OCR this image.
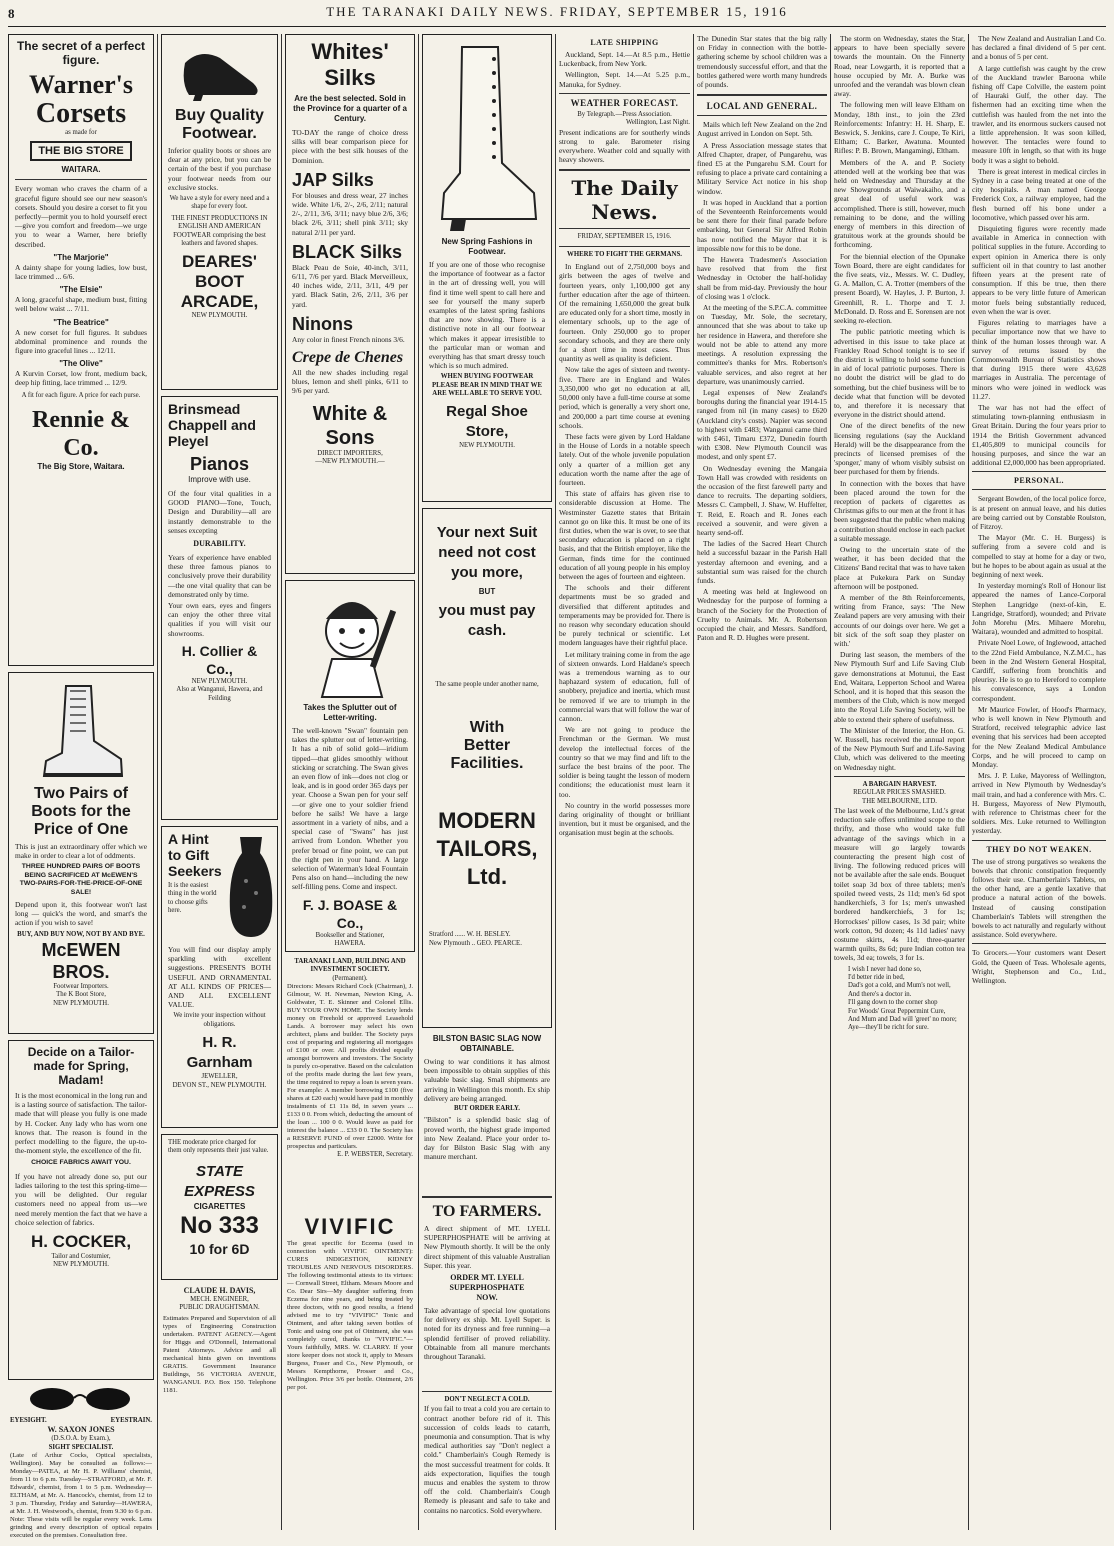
8	THE TARANAKI DAILY NEWS. FRIDAY, SEPTEMBER 15, 1916
The secret of a perfect figure.
Warner's
Corsets
as made for
THE BIG STORE
WAITARA.
Every woman who craves the charm of a graceful figure should see our new season's corsets. Should you desire a corset to fit you perfectly—permit you to hold yourself erect—give you comfort and freedom—we urge you to wear a Warner, here briefly described.
"The Marjorie"
A dainty shape for young ladies, low bust, lace trimmed ... 6/6.
"The Elsie"
A long, graceful shape, medium bust, fitting well below waist ... 7/11.
"The Beatrice"
A new corset for full figures. It subdues abdominal prominence and rounds the figure into graceful lines ... 12/11.
"The Olive"
A Kurvin Corset, low front, medium back, deep hip fitting, lace trimmed ... 12/9.
A fit for each figure. A price for each purse.
Rennie & Co.
The Big Store, Waitara.
Two Pairs of Boots for the Price of One
This is just an extraordinary offer which we make in order to clear a lot of oddments.
THREE HUNDRED PAIRS OF BOOTS BEING SACRIFICED AT McEWEN'S TWO-PAIRS-FOR-THE-PRICE-OF-ONE SALE!
Depend upon it, this footwear won't last long — quick's the word, and smart's the action if you wish to save!
BUY, AND BUY NOW, NOT BY AND BYE.
McEWEN BROS.
Footwear Importers.
The K Boot Store,
NEW PLYMOUTH.
Decide on a Tailor-made for Spring, Madam!
It is the most economical in the long run and is a lasting source of satisfaction. The tailor-made that will please you fully is one made by H. Cocker. Any lady who has worn one knows that. The reason is found in the perfect modelling to the figure, the up-to-the-moment style, the excellence of the fit.
CHOICE FABRICS AWAIT YOU.
If you have not already done so, put our ladies tailoring to the test this spring-time—you will be delighted. Our regular customers need no appeal from us—we need merely mention the fact that we have a choice selection of fabrics.
H. COCKER,
Tailor and Costumier,
NEW PLYMOUTH.
EYESIGHT.	EYESTRAIN.
W. SAXON JONES
(D.S.O.A. by Exam.),
SIGHT SPECIALIST.
(Late of Arthur Cocks, Optical specialists, Wellington). May be consulted as follows:— Monday—PATEA, at Mr H. P. Williams' chemist, from 11 to 6 p.m. Tuesday—STRATFORD, at Mr. F. Edwards', chemist, from 1 to 5 p.m. Wednesday—ELTHAM, at Mr. A. Hancock's, chemist, from 12 to 3 p.m. Thursday, Friday and Saturday—HAWERA, at Mr. J. H. Westwood's, chemist, from 9.30 to 6 p.m. Note: These visits will be regular every week. Lens grinding and every description of optical repairs executed on the premises. Consultation free.
Buy Quality
Footwear.
Inferior quality boots or shoes are dear at any price, but you can be certain of the best if you purchase your footwear needs from our exclusive stocks.
We have a style for every need and a shape for every foot.
THE FINEST PRODUCTIONS IN ENGLISH AND AMERICAN FOOTWEAR comprising the best leathers and favored shapes.
DEARES'
BOOT
ARCADE,
NEW PLYMOUTH.
Brinsmead
Chappell and
Pleyel
Pianos
Improve with use.
Of the four vital qualities in a GOOD PIANO—Tone, Touch, Design and Durability—all are instantly demonstrable to the senses excepting
DURABILITY.
Years of experience have enabled these three famous pianos to conclusively prove their durability—the one vital quality that can be demonstrated only by time.
Your own ears, eyes and fingers can enjoy the other three vital qualities if you will visit our showrooms.
H. Collier & Co.,
NEW PLYMOUTH.
Also at Wanganui, Hawera, and Feilding
A Hint
to Gift
Seekers
It is the easiest thing in the world to choose gifts here.
You will find our display amply sparkling with excellent suggestions. PRESENTS BOTH USEFUL AND ORNAMENTAL AT ALL KINDS OF PRICES—AND ALL EXCELLENT VALUE.
We invite your inspection without obligations.
H. R. Garnham
JEWELLER,
DEVON ST., NEW PLYMOUTH.
THE moderate price charged for them only represents their just value.
STATE EXPRESS
CIGARETTES
No 333
10 for 6D
CLAUDE H. DAVIS,
MECH. ENGINEER,
PUBLIC DRAUGHTSMAN.
Estimates Prepared and Supervision of all types of Engineering Construction undertaken. PATENT AGENCY.—Agent for Higgs and O'Donnell, International Patent Attorneys. Advice and all mechanical hints given on inventions GRATIS. Government Insurance Buildings, 56 VICTORIA AVENUE, WANGANUI. P.O. Box 150. Telephone 1181.
Whites' Silks
Are the best selected. Sold in the Province for a quarter of a Century.
TO-DAY the range of choice dress silks will bear comparison piece for piece with the best silk houses of the Dominion.
JAP Silks
For blouses and dress wear, 27 inches wide. White 1/6, 2/-, 2/6, 2/11; natural 2/-, 2/11, 3/6, 3/11; navy blue 2/6, 3/6; black 2/6, 3/11; shell pink 3/11; sky natural 2/11 per yard.
BLACK Silks
Black Peau de Soie, 40-inch, 3/11, 6/11, 7/6 per yard. Black Merveilleux, 40 inches wide, 2/11, 3/11, 4/9 per yard. Black Satin, 2/6, 2/11, 3/6 per yard.
Ninons
Any color in finest French ninons 3/6.
Crepe de Chenes
All the new shades including regal blues, lemon and shell pinks, 6/11 to 9/6 per yard.
White & Sons
DIRECT IMPORTERS,
—NEW PLYMOUTH.—
Takes the Splutter out of Letter-writing.
The well-known "Swan" fountain pen takes the splutter out of letter-writing. It has a nib of solid gold—iridium tipped—that glides smoothly without sticking or scratching. The Swan gives an even flow of ink—does not clog or leak, and is in good order 365 days per year. Choose a Swan pen for your self—or give one to your soldier friend before he sails! We have a large assortment in a variety of nibs, and a special case of "Swans" has just arrived from London. Whether you prefer broad or fine point, we can put the right pen in your hand. A large selection of Waterman's Ideal Fountain Pens also on hand—including the new self-filling pens. Come and inspect.
F. J. BOASE & Co.,
Bookseller and Stationer,
HAWERA.
TARANAKI LAND, BUILDING AND INVESTMENT SOCIETY.
(Permanent).
Directors: Messrs Richard Cock (Chairman), J. Gilmour, W. H. Newman, Newton King, A. Goldwater, T. E. Skinner and Colonel Ellis. BUY YOUR OWN HOME. The Society lends money on Freehold or approved Leasehold Lands. A borrower may select his own architect, plans and builder. The Society pays cost of preparing and registering all mortgages of £100 or over. All profits divided equally amongst borrowers and investors. The Society is purely co-operative. Based on the calculation of the profits made during the last few years, the time required to repay a loan is seven years. For example: A member borrowing £100 (five shares at £20 each) would have paid in monthly instalments of £1 11s 8d, in seven years ... £133 0 0. From which, deducting the amount of the loan ... 100 0 0. Would leave as paid for interest the balance ... £33 0 0. The Society has a RESERVE FUND of over £2000. Write for prospectus and particulars.
E. P. WEBSTER, Secretary.
VIVIFIC
The great specific for Eczema (used in connection with VIVIFIC OINTMENT): CURES INDIGESTION, KIDNEY TROUBLES AND NERVOUS DISORDERS. The following testimonial attests to its virtues:— Cornwall Street, Eltham. Messrs Moore and Co. Dear Sirs—My daughter suffering from Eczema for nine years, and being treated by three doctors, with no good results, a friend advised me to try "VIVIFIC" Tonic and Ointment, and after taking seven bottles of Tonic and using one pot of Ointment, she was completely cured, thanks to "VIVIFIC."—Yours faithfully, MRS. W. CLARRY. If your store keeper does not stock it, apply to Messrs Burgess, Fraser and Co., New Plymouth, or Messrs Kempthorne, Prosser and Co., Wellington. Price 3/6 per bottle. Ointment, 2/6 per pot.
New Spring Fashions in Footwear.
If you are one of those who recognise the importance of footwear as a factor in the art of dressing well, you will find it time well spent to call here and see for yourself the many superb examples of the latest spring fashions that are now showing. There is a distinctive note in all our footwear which makes it appear irresistible to the particular man or woman and everything has that smart dressy touch which is so much admired.
WHEN BUYING FOOTWEAR PLEASE BEAR IN MIND THAT WE ARE WELL ABLE TO SERVE YOU.
Regal Shoe Store,
NEW PLYMOUTH.
Your next Suit need not cost you more,
BUT
you must pay cash.
The same people under another name,
With
Better Facilities.
MODERN
TAILORS,
Ltd.
Stratford ...... W. H. BESLEY.
New Plymouth .. GEO. PEARCE.
BILSTON BASIC SLAG NOW OBTAINABLE.
Owing to war conditions it has almost been impossible to obtain supplies of this valuable basic slag. Small shipments are arriving in Wellington this month. Ex ship delivery are being arranged.
BUT ORDER EARLY.
"Bilston" is a splendid basic slag of proved worth, the highest grade imported into New Zealand. Place your order to-day for Bilston Basic Slag with any manure merchant.
TO FARMERS.
A direct shipment of MT. LYELL SUPERPHOSPHATE will be arriving at New Plymouth shortly. It will be the only direct shipment of this valuable Australian Super. this year.
ORDER MT. LYELL
SUPERPHOSPHATE
NOW.
Take advantage of special low quotations for delivery ex ship. Mt. Lyell Super. is noted for its dryness and free running—a splendid fertiliser of proved reliability. Obtainable from all manure merchants throughout Taranaki.
DON'T NEGLECT A COLD.
If you fail to treat a cold you are certain to contract another before rid of it. This succession of colds leads to catarrh, pneumonia and consumption. That is why medical authorities say "Don't neglect a cold." Chamberlain's Cough Remedy is the most successful treatment for colds. It aids expectoration, liquifies the tough mucus and enables the system to throw off the cold. Chamberlain's Cough Remedy is pleasant and safe to take and contains no narcotics. Sold everywhere.
LATE SHIPPING

Auckland, Sept. 14.—At 8.5 p.m., Hettie Luckenback, from New York.

Wellington, Sept. 14.—At 5.25 p.m., Manuka, for Sydney.

WEATHER FORECAST.
By Telegraph.—Press Association.
Wellington, Last Night.
Present indications are for southerly winds strong to gale. Barometer rising everywhere. Weather cold and squally with heavy showers.
The Daily News.
FRIDAY, SEPTEMBER 15, 1916.
WHERE TO FIGHT THE GERMANS.

In England out of 2,750,000 boys and girls between the ages of twelve and fourteen years, only 1,100,000 get any further education after the age of thirteen. Of the remaining 1,650,000 the great bulk are educated only for a short time, mostly in elementary schools, up to the age of fourteen. Only 250,000 go to proper secondary schools, and they are there only for a short time in most cases. Thus quantity as well as quality is deficient.

Now take the ages of sixteen and twenty-five. There are in England and Wales 3,350,000 who get no education at all, 50,000 only have a full-time course at some period, which is generally a very short one, and 200,000 a part time course at evening schools.

These facts were given by Lord Haldane in the House of Lords in a notable speech lately. Out of the whole juvenile population only a quarter of a million get any education worth the name after the age of fourteen.

This state of affairs has given rise to considerable discussion at Home. The Westminster Gazette states that Britain cannot go on like this. It must be one of its first duties, when the war is over, to see that secondary education is placed on a right basis, and that the British employer, like the German, finds time for the continued education of all young people in his employ between the ages of fourteen and eighteen.

The schools and their different departments must be so graded and diversified that different aptitudes and temperaments may be provided for. There is no reason why secondary education should be purely technical or scientific. Let modern languages have their rightful place.

Let military training come in from the age of sixteen onwards. Lord Haldane's speech was a tremendous warning as to our haphazard system of education, full of snobbery, prejudice and inertia, which must be removed if we are to triumph in the commercial wars that will follow the war of cannon.

We are not going to produce the Frenchman or the German. We must develop the intellectual forces of the country so that we may find and lift to the surface the best brains of the poor. The soldier is being taught the lesson of modern conditions; the educationist must learn it too.

No country in the world possesses more daring originality of thought or brilliant invention, but it must be organised, and the organisation must begin at the schools.

The Dunedin Star states that the big rally on Friday in connection with the bottle-gathering scheme by school children was a tremendously successful effort, and that the bottles gathered were worth many hundreds of pounds.

LOCAL AND GENERAL.

Mails which left New Zealand on the 2nd August arrived in London on Sept. 5th.

A Press Association message states that Alfred Chapter, draper, of Pungarehu, was fined £5 at the Pungarehu S.M. Court for refusing to place a private card containing a Military Service Act notice in his shop window.

It was hoped in Auckland that a portion of the Seventeenth Reinforcements would be sent there for their final parade before embarking, but General Sir Alfred Robin has now notified the Mayor that it is impossible now for this to be done.

The Hawera Tradesmen's Association have resolved that from the first Wednesday in October the half-holiday shall be from mid-day. Previously the hour of closing was 1 o'clock.

At the meeting of the S.P.C.A. committee on Tuesday, Mr. Sole, the secretary, announced that she was about to take up her residence in Hawera, and therefore she would not be able to attend any more meetings. A resolution expressing the committee's thanks for Mrs. Robertson's valuable services, and also regret at her departure, was unanimously carried.

Legal expenses of New Zealand's boroughs during the financial year 1914-15 ranged from nil (in many cases) to £620 (Auckland city's costs). Napier was second to highest with £483; Wanganui came third with £461, Timaru £372, Dunedin fourth with £308. New Plymouth Council was modest, and only spent £7.

On Wednesday evening the Mangaia Town Hall was crowded with residents on the occasion of the first farewell party and dance to recruits. The departing soldiers, Messrs C. Campbell, J. Shaw, W. Huffelter, T. Reid, E. Roach and R. Jones each received a souvenir, and were given a hearty send-off.

The ladies of the Sacred Heart Church held a successful bazaar in the Parish Hall yesterday afternoon and evening, and a substantial sum was raised for the church funds.

A meeting was held at Inglewood on Wednesday for the purpose of forming a branch of the Society for the Protection of Cruelty to Animals. Mr. A. Robertson occupied the chair, and Messrs. Sandford, Paton and R. D. Hughes were present.

The storm on Wednesday, states the Star, appears to have been specially severe towards the mountain. On the Finnerty Road, near Lowgarth, it is reported that a house occupied by Mr. A. Burke was unroofed and the verandah was blown clean away.

The following men will leave Eltham on Monday, 18th inst., to join the 23rd Reinforcements: Infantry: H. H. Sharp, E. Beswick, S. Jenkins, care J. Coupe, Te Kiri, Eltham; C. Barker, Awatuna. Mounted Rifles: P. B. Brown, Mangamingi, Eltham.

Members of the A. and P. Society attended well at the working bee that was held on Wednesday and Thursday at the new Showgrounds at Waiwakaiho, and a great deal of useful work was accomplished. There is still, however, much remaining to be done, and the willing energy of members in this direction of gratuitous work at the grounds should be forthcoming.

For the biennial election of the Opunake Town Board, there are eight candidates for the five seats, viz., Messrs. W. C. Dudley, G. A. Mallon, C. A. Trotter (members of the present Board), W. Hayles, J. P. Burton, J. Greenhill, R. L. Thorpe and T. J. McDonald. D. Ross and E. Sorensen are not seeking re-election.

The public patriotic meeting which is advertised in this issue to take place at Frankley Road School tonight is to see if the district is willing to hold some function in aid of local patriotic purposes. There is no doubt the district will be glad to do something, but the chief business will be to decide what that function will be devoted to, and therefore it is necessary that everyone in the district should attend.

One of the direct benefits of the new licensing regulations (say the Auckland Herald) will be the disappearance from the precincts of licensed premises of the 'sponger,' many of whom visibly subsist on beer purchased for them by friends.

In connection with the boxes that have been placed around the town for the reception of packets of cigarettes as Christmas gifts to our men at the front it has been suggested that the public when making a contribution should enclose in each packet a suitable message.

Owing to the uncertain state of the weather, it has been decided that the Citizens' Band recital that was to have taken place at Pukekura Park on Sunday afternoon will be postponed.

A member of the 8th Reinforcements, writing from France, says: 'The New Zealand papers are very amusing with their accounts of our doings over here. We get a bit sick of the soft soap they plaster on with.'

During last season, the members of the New Plymouth Surf and Life Saving Club gave demonstrations at Motunui, the East End, Waitara, Lepperton School and Warea School, and it is hoped that this season the members of the Club, which is now merged into the Royal Life Saving Society, will be able to extend their sphere of usefulness.

The Minister of the Interior, the Hon. G. W. Russell, has received the annual report of the New Plymouth Surf and Life-Saving Club, which was delivered to the meeting on Wednesday night.

A BARGAIN HARVEST.
REGULAR PRICES SMASHED.
THE MELBOURNE, LTD.
The last week of the Melbourne, Ltd.'s great reduction sale offers unlimited scope to the thrifty, and those who would take full advantage of the savings which in a measure will go largely towards counteracting the present high cost of living. The following reduced prices will not be available after the sale ends. Bouquet toilet soap 3d box of three tablets; men's spoiled tweed vests, 2s 11d; men's 6d spot handkerchiefs, 3 for 1s; men's unwashed bordered handkerchiefs, 3 for 1s; Horrockses' pillow cases, 1s 3d pair; white work cotton, 9d dozen; 4s 11d ladies' navy costume skirts, 4s 11d; three-quarter warmth quilts, 8s 6d; pure Indian cotton tea towels, 3d ea; towels, 3 for 1s.
I wish I never had done so,
I'd better ride in bed,
Dad's got a cold, and Mum's not well,
And there's a doctor in.
I'll gang down to the corner shop
For Woods' Great Peppermint Cure,
And Mum and Dad will 'greet' no more;
Aye—they'll be richt for sure.

The New Zealand and Australian Land Co. has declared a final dividend of 5 per cent. and a bonus of 5 per cent.

A large cuttlefish was caught by the crew of the Auckland trawler Baroona while fishing off Cape Colville, the eastern point of Hauraki Gulf, the other day. The fishermen had an exciting time when the cuttlefish was hauled from the net into the trawler, and its enormous suckers caused not a little apprehension. It was soon killed, however. The tentacles were found to measure 10ft in length, so that with its huge body it was a sight to behold.

There is great interest in medical circles in Sydney in a case being treated at one of the city hospitals. A man named George Frederick Cox, a railway employee, had the flesh burned off his bone under a locomotive, which passed over his arm.

Disquieting figures were recently made available in America in connection with political supplies in the future. According to expert opinion in America there is only sufficient oil in that country to last another fifteen years at the present rate of consumption. If this be true, then there appears to be very little future of American motor fuels being substantially reduced, even when the war is over.

Figures relating to marriages have a peculiar importance now that we have to think of the human losses through war. A survey of returns issued by the Commonwealth Bureau of Statistics shows that during 1915 there were 43,628 marriages in Australia. The percentage of minors who were joined in wedlock was 11.27.

The war has not had the effect of stimulating town-planning enthusiasm in Great Britain. During the four years prior to 1914 the British Government advanced £1,405,809 to municipal councils for housing purposes, and since the war an additional £2,000,000 has been appropriated.

PERSONAL.

Sergeant Bowden, of the local police force, is at present on annual leave, and his duties are being carried out by Constable Roulston, of Fitzroy.

The Mayor (Mr. C. H. Burgess) is suffering from a severe cold and is compelled to stay at home for a day or two, but he hopes to be about again as usual at the beginning of next week.

In yesterday morning's Roll of Honour list appeared the names of Lance-Corporal Stephen Langridge (next-of-kin, E. Langridge, Stratford), wounded; and Private John Morehu (Mrs. Mihaere Morehu, Waitara), wounded and admitted to hospital.

Private Noel Lowe, of Inglewood, attached to the 22nd Field Ambulance, N.Z.M.C., has been in the 2nd Western General Hospital, Cardiff, suffering from bronchitis and pleurisy. He is to go to Hereford to complete his convalescence, says a London correspondent.

Mr Maurice Fowler, of Hood's Pharmacy, who is well known in New Plymouth and Stratford, received telegraphic advice last evening that his services had been accepted for the New Zealand Medical Ambulance Corps, and he will proceed to camp on Monday.

Mrs. J. P. Luke, Mayoress of Wellington, arrived in New Plymouth by Wednesday's mail train, and had a conference with Mrs. C. H. Burgess, Mayoress of New Plymouth, with reference to Christmas cheer for the soldiers. Mrs. Luke returned to Wellington yesterday.

THEY DO NOT WEAKEN.
The use of strong purgatives so weakens the bowels that chronic constipation frequently follows their use. Chamberlain's Tablets, on the other hand, are a gentle laxative that produce a natural action of the bowels. Instead of causing constipation Chamberlain's Tablets will strengthen the bowels to act naturally and regularly without assistance. Sold everywhere.
To Grocers.—Your customers want Desert Gold, the Queen of Teas. Wholesale agents, Wright, Stephenson and Co., Ltd., Wellington.
